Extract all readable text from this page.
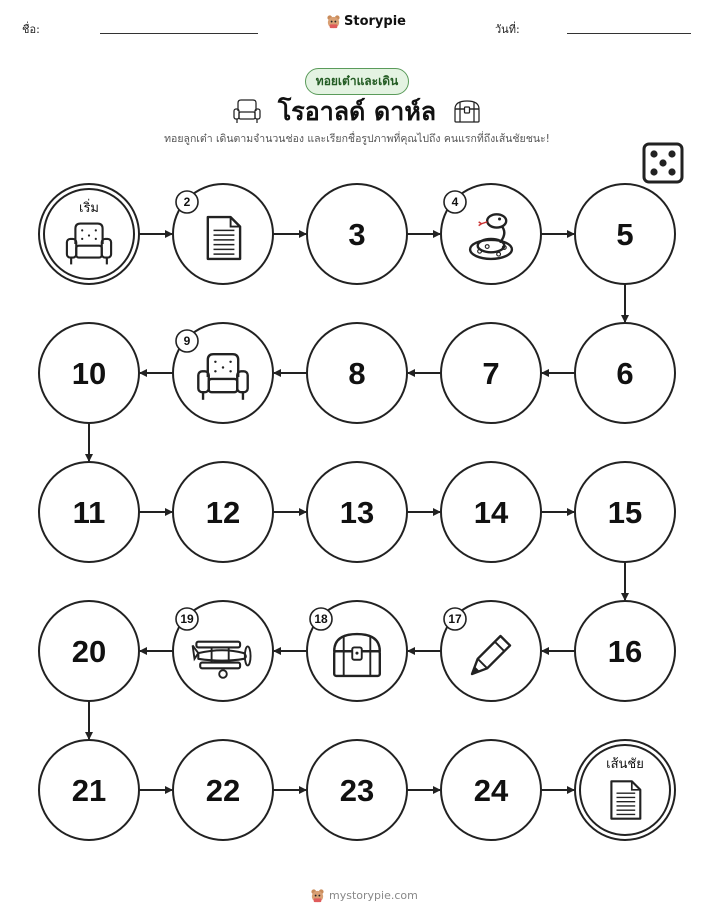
ชื่อ:
Storypie
วันที่:
ทอยเต๋าและเดิน
โรอาลด์ ดาห์ล
ทอยลูกเต๋า เดินตามจำนวนช่อง และเรียกชื่อรูปภาพที่คุณไปถึง คนแรกที่ถึงเส้นชัยชนะ!
เริ่ม
เส้นชัย
2
3
4
5
6
7
8
9
10
11	12	13	14	15
16
17
18
19
20
21	22	23	24
mystorypie.com
